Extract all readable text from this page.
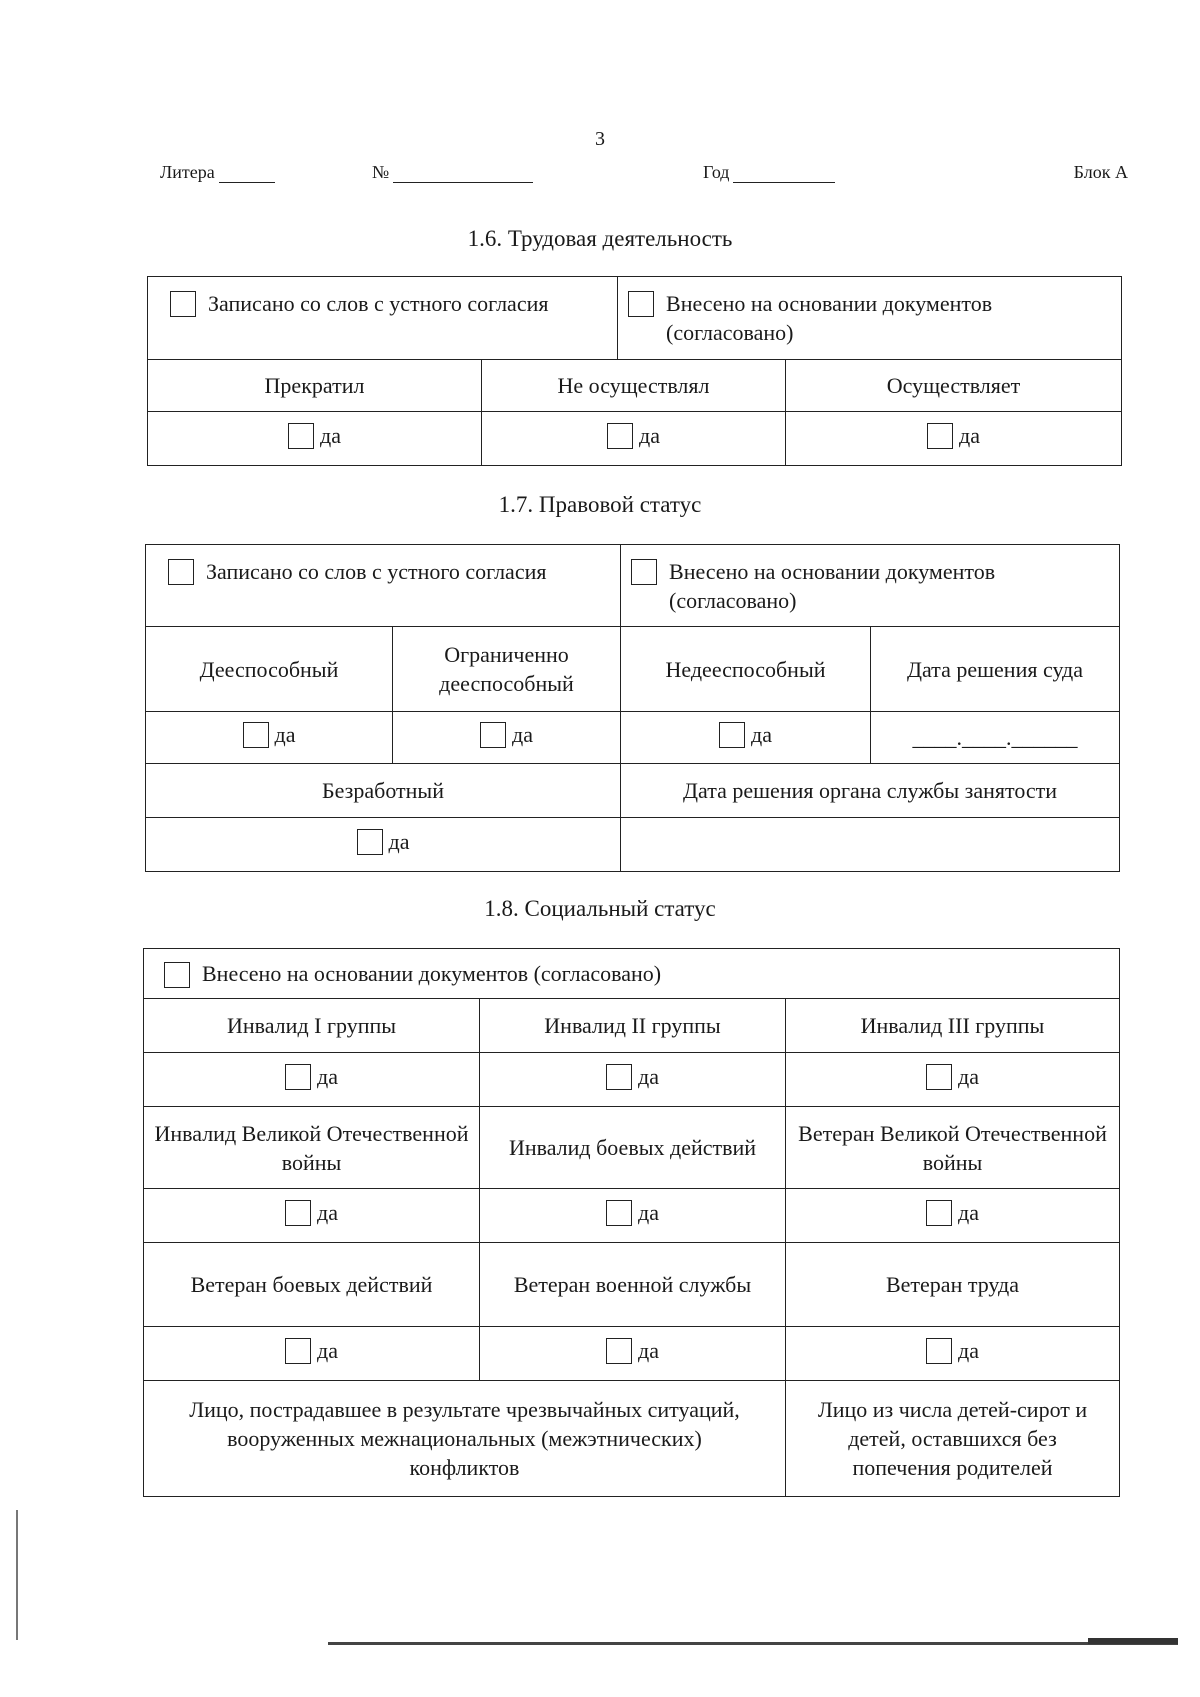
3
Литера	№	Год	Блок А
1.6. Трудовая деятельность
Записано со слов с устного согласия		Внесено на основании документов (согласовано)	

Прекратил	Не осуществлял		Осуществляет

да	да		да
1.7. Правовой статус
Записано со слов с устного согласия		Внесено на основании документов (согласовано)	

Дееспособный	Ограниченно дееспособный	Недееспособный	Дата решения суда

да	да	да	____.____.______
Безработный		Дата решения органа службы занятости	

да			

1.8. Социальный статус
Внесено на основании документов (согласовано)		

Инвалид I группы	Инвалид II группы	Инвалид III группы

да	да	да

Инвалид Великой Отечественной войны	Инвалид боевых действий	Ветеран Великой Отечественной войны

да	да	да

Ветеран боевых действий	Ветеран военной службы	Ветеран труда

да	да	да

Лицо, пострадавшее в результате чрезвычайных ситуаций, вооруженных межнациональных (межэтнических) конфликтов		Лицо из числа детей-сирот и детей, оставшихся без попечения родителей
